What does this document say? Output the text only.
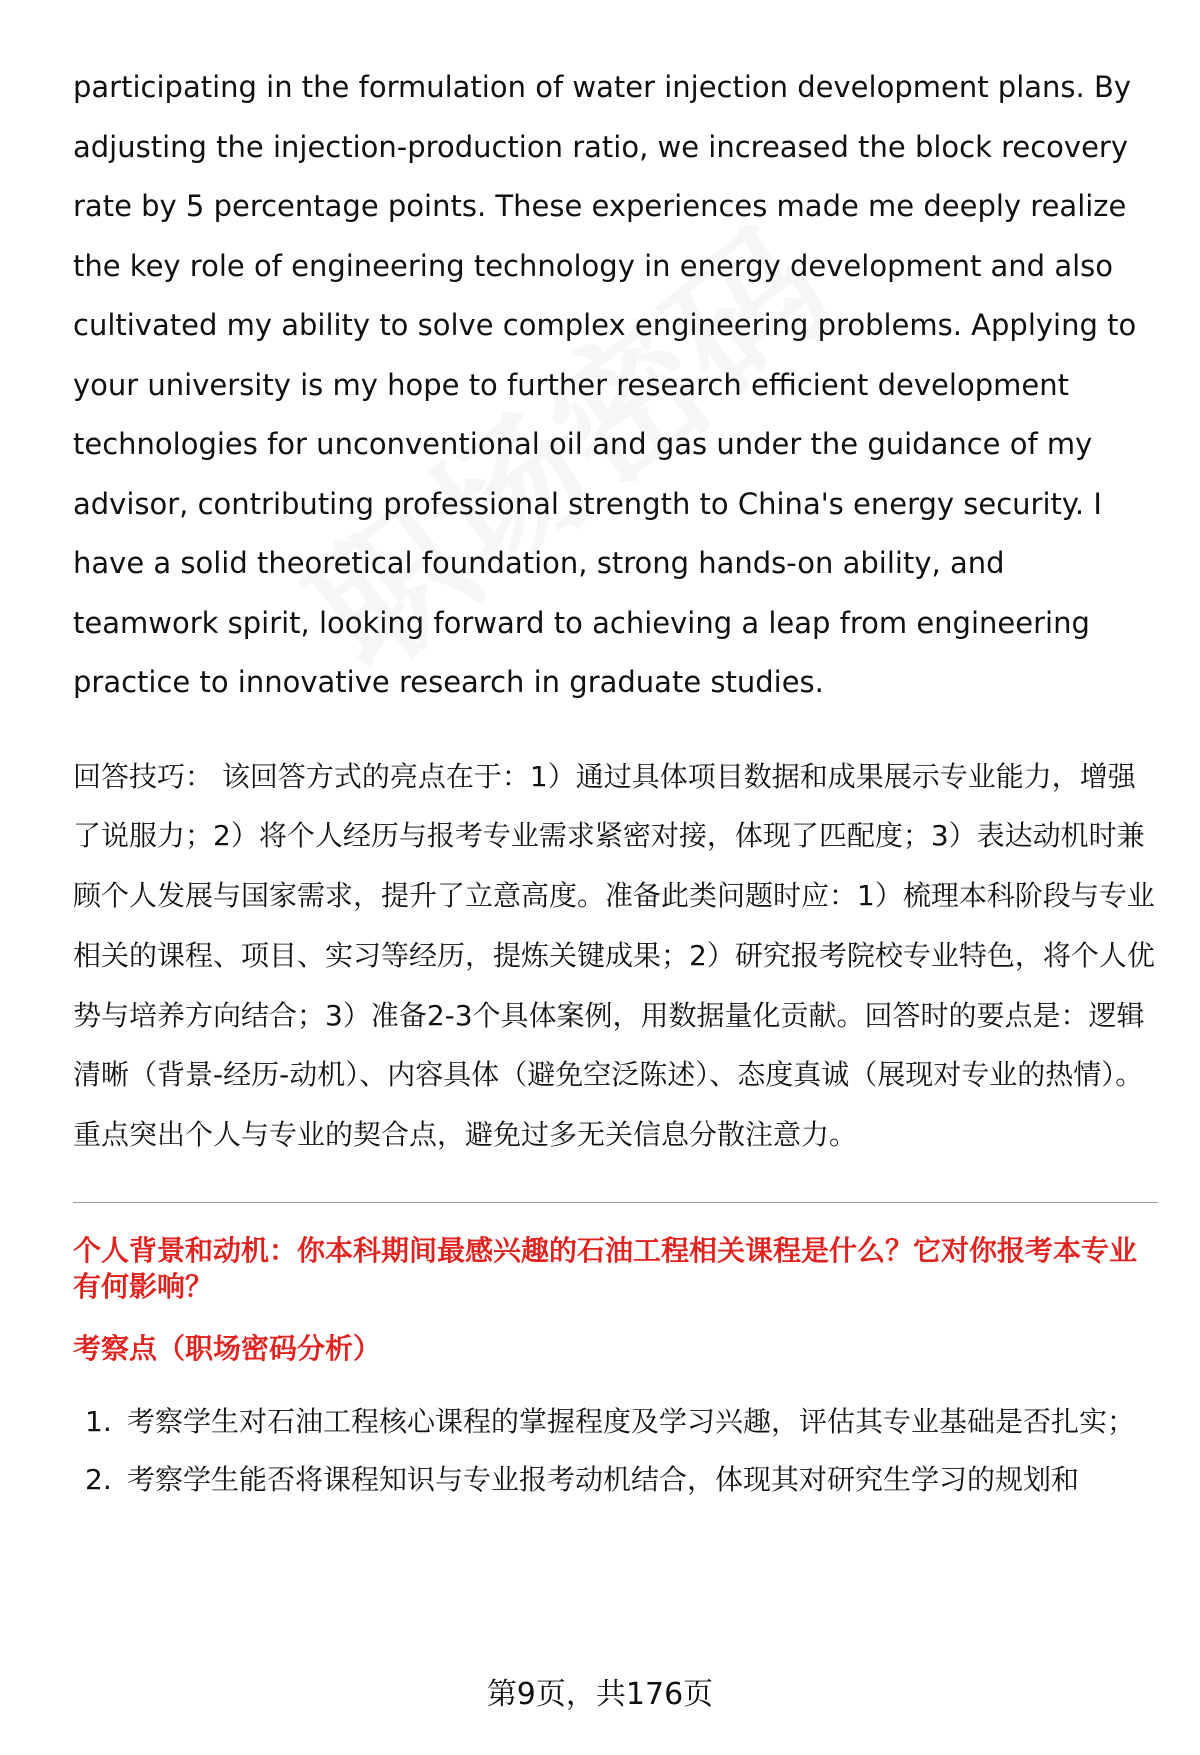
participating in the formulation of water injection development plans. By adjusting the injection-production ratio, we increased the block recovery rate by 5 percentage points. These experiences made me deeply realize the key role of engineering technology in energy development and also cultivated my ability to solve complex engineering problems. Applying to your university is my hope to further research efficient development technologies for unconventional oil and gas under the guidance of my advisor, contributing professional strength to China's energy security. I have a solid theoretical foundation, strong hands-on ability, and teamwork spirit, looking forward to achieving a leap from engineering practice to innovative research in graduate studies.

回答技巧： 该回答方式的亮点在于：1）通过具体项目数据和成果展示专业能力，增强了说服力；2）将个人经历与报考专业需求紧密对接，体现了匹配度；3）表达动机时兼顾个人发展与国家需求，提升了立意高度。准备此类问题时应：1）梳理本科阶段与专业相关的课程、项目、实习等经历，提炼关键成果；2）研究报考院校专业特色，将个人优势与培养方向结合；3）准备2-3个具体案例，用数据量化贡献。回答时的要点是：逻辑清晰（背景-经历-动机）、内容具体（避免空泛陈述）、态度真诚（展现对专业的热情）。重点突出个人与专业的契合点，避免过多无关信息分散注意力。

个人背景和动机：你本科期间最感兴趣的石油工程相关课程是什么？它对你报考本专业有何影响？
考察点（职场密码分析）
1. 考察学生对石油工程核心课程的掌握程度及学习兴趣，评估其专业基础是否扎实；
2. 考察学生能否将课程知识与专业报考动机结合，体现其对研究生学习的规划和
第9页，共176页
